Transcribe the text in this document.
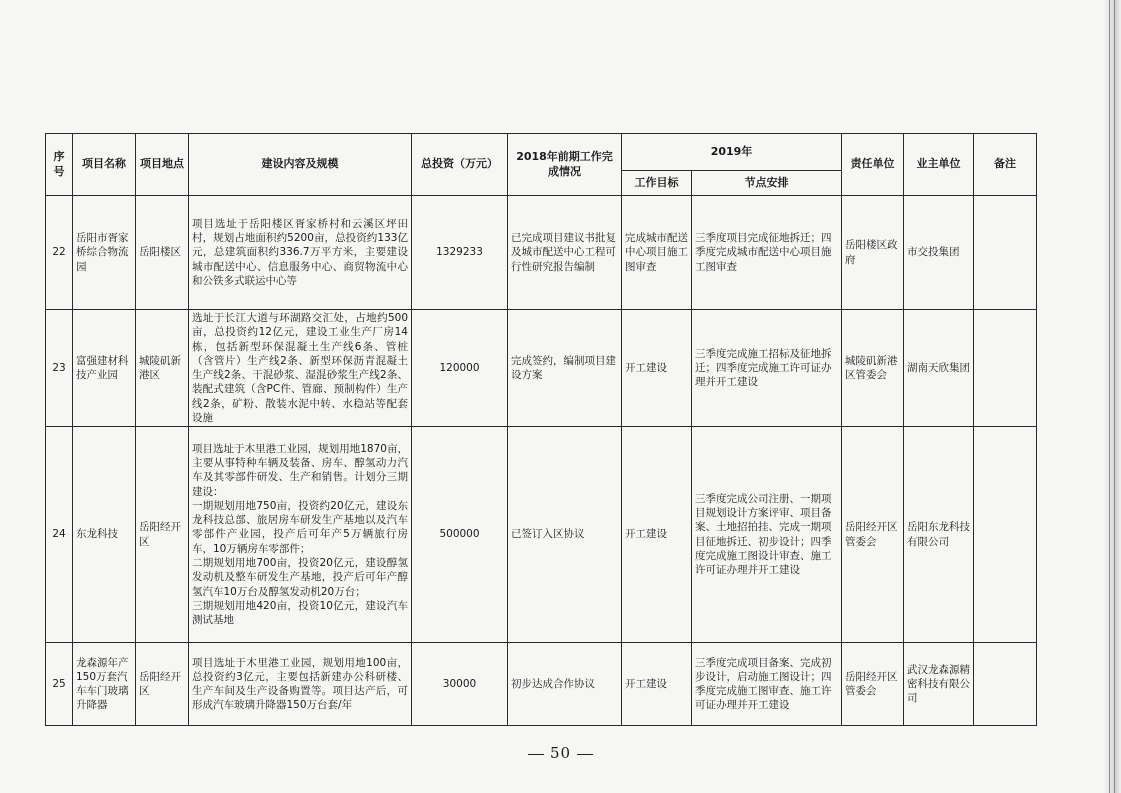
序号	项目名称	项目地点	建设内容及规模	总投资（万元）	2018年前期工作完成情况	2019年		责任单位	业主单位	备注
						工作目标	节点安排			
22	岳阳市胥家桥综合物流园	岳阳楼区	项目选址于岳阳楼区胥家桥村和云溪区坪田村，规划占地面积约5200亩，总投资约133亿元，总建筑面积约336.7万平方米，主要建设城市配送中心、信息服务中心、商贸物流中心和公铁多式联运中心等	1329233	已完成项目建议书批复及城市配送中心工程可行性研究报告编制	完成城市配送中心项目施工图审查	三季度项目完成征地拆迁；四季度完成城市配送中心项目施工图审查	岳阳楼区政府	市交投集团	
23	富强建材科技产业园	城陵矶新港区	选址于长江大道与环湖路交汇处，占地约500亩，总投资约12亿元，建设工业生产厂房14栋，包括新型环保混凝土生产线6条、管桩（含管片）生产线2条、新型环保沥青混凝土生产线2条、干混砂浆、湿混砂浆生产线2条、装配式建筑（含PC件、管廊、预制构件）生产线2条，矿粉、散装水泥中转、水稳站等配套设施	120000	完成签约，编制项目建设方案	开工建设	三季度完成施工招标及征地拆迁；四季度完成施工许可证办理并开工建设	城陵矶新港区管委会	湖南天欣集团	
24	东龙科技	岳阳经开区	项目选址于木里港工业园，规划用地1870亩，主要从事特种车辆及装备、房车、醇氢动力汽车及其零部件研发、生产和销售。计划分三期建设：
一期规划用地750亩，投资约20亿元，建设东龙科技总部、旅居房车研发生产基地以及汽车零部件产业园，投产后可年产5万辆旅行房车，10万辆房车零部件；
二期规划用地700亩，投资20亿元，建设醇氢发动机及整车研发生产基地，投产后可年产醇氢汽车10万台及醇氢发动机20万台；
三期规划用地420亩，投资10亿元，建设汽车测试基地	500000	已签订入区协议	开工建设	三季度完成公司注册、一期项目规划设计方案评审、项目备案、土地招拍挂、完成一期项目征地拆迁、初步设计；四季度完成施工图设计审查、施工许可证办理并开工建设	岳阳经开区管委会	岳阳东龙科技有限公司	
25	龙森源年产150万套汽车车门玻璃升降器	岳阳经开区	项目选址于木里港工业园，规划用地100亩，总投资约3亿元，主要包括新建办公科研楼、生产车间及生产设备购置等。项目达产后，可形成汽车玻璃升降器150万台套/年	30000	初步达成合作协议	开工建设	三季度完成项目备案、完成初步设计，启动施工图设计；四季度完成施工图审查、施工许可证办理并开工建设	岳阳经开区管委会	武汉龙森源精密科技有限公司	
50
